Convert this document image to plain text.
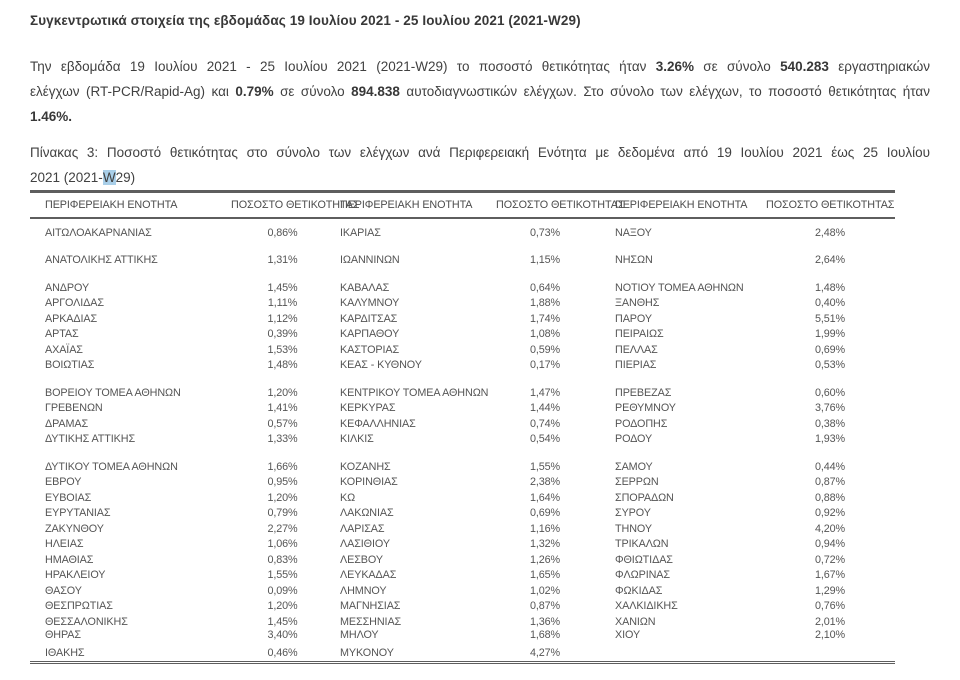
Συγκεντρωτικά στοιχεία της εβδομάδας 19 Ιουλίου 2021 - 25 Ιουλίου 2021 (2021-W29)
Την εβδομάδα 19 Ιουλίου 2021 - 25 Ιουλίου 2021 (2021-W29) το ποσοστό θετικότητας ήταν 3.26% σε σύνολο 540.283 εργαστηριακών
ελέγχων (RT-PCR/Rapid-Ag) και 0.79% σε σύνολο 894.838 αυτοδιαγνωστικών ελέγχων. Στο σύνολο των ελέγχων, το ποσοστό θετικότητας ήταν
1.46%.
Πίνακας 3: Ποσοστό θετικότητας στο σύνολο των ελέγχων ανά Περιφερειακή Ενότητα με δεδομένα από 19 Ιουλίου 2021 έως 25 Ιουλίου
2021 (2021-W29)
ΠΕΡΙΦΕΡΕΙΑΚΗ ΕΝΟΤΗΤΑ	ΠΟΣΟΣΤΟ ΘΕΤΙΚΟΤΗΤΑΣ	ΠΕΡΙΦΕΡΕΙΑΚΗ ΕΝΟΤΗΤΑ	ΠΟΣΟΣΤΟ ΘΕΤΙΚΟΤΗΤΑΣ	ΠΕΡΙΦΕΡΕΙΑΚΗ ΕΝΟΤΗΤΑ	ΠΟΣΟΣΤΟ ΘΕΤΙΚΟΤΗΤΑΣ

ΑΙΤΩΛΟΑΚΑΡΝΑΝΙΑΣ	0,86%	ΙΚΑΡΙΑΣ	0,73%	ΝΑΞΟΥ	2,48%

ΑΝΑΤΟΛΙΚΗΣ ΑΤΤΙΚΗΣ	1,31%	ΙΩΑΝΝΙΝΩΝ	1,15%	ΝΗΣΩΝ	2,64%

ΑΝΔΡΟΥ	1,45%	ΚΑΒΑΛΑΣ	0,64%	ΝΟΤΙΟΥ ΤΟΜΕΑ ΑΘΗΝΩΝ	1,48%
ΑΡΓΟΛΙΔΑΣ	1,11%	ΚΑΛΥΜΝΟΥ	1,88%	ΞΑΝΘΗΣ	0,40%
ΑΡΚΑΔΙΑΣ	1,12%	ΚΑΡΔΙΤΣΑΣ	1,74%	ΠΑΡΟΥ	5,51%
ΑΡΤΑΣ	0,39%	ΚΑΡΠΑΘΟΥ	1,08%	ΠΕΙΡΑΙΩΣ	1,99%
ΑΧΑΪΑΣ	1,53%	ΚΑΣΤΟΡΙΑΣ	0,59%	ΠΕΛΛΑΣ	0,69%
ΒΟΙΩΤΙΑΣ	1,48%	ΚΕΑΣ - ΚΥΘΝΟΥ	0,17%	ΠΙΕΡΙΑΣ	0,53%

ΒΟΡΕΙΟΥ ΤΟΜΕΑ ΑΘΗΝΩΝ	1,20%	ΚΕΝΤΡΙΚΟΥ ΤΟΜΕΑ ΑΘΗΝΩΝ	1,47%	ΠΡΕΒΕΖΑΣ	0,60%
ΓΡΕΒΕΝΩΝ	1,41%	ΚΕΡΚΥΡΑΣ	1,44%	ΡΕΘΥΜΝΟΥ	3,76%
ΔΡΑΜΑΣ	0,57%	ΚΕΦΑΛΛΗΝΙΑΣ	0,74%	ΡΟΔΟΠΗΣ	0,38%
ΔΥΤΙΚΗΣ ΑΤΤΙΚΗΣ	1,33%	ΚΙΛΚΙΣ	0,54%	ΡΟΔΟΥ	1,93%

ΔΥΤΙΚΟΥ ΤΟΜΕΑ ΑΘΗΝΩΝ	1,66%	ΚΟΖΑΝΗΣ	1,55%	ΣΑΜΟΥ	0,44%
ΕΒΡΟΥ	0,95%	ΚΟΡΙΝΘΙΑΣ	2,38%	ΣΕΡΡΩΝ	0,87%
ΕΥΒΟΙΑΣ	1,20%	ΚΩ	1,64%	ΣΠΟΡΑΔΩΝ	0,88%
ΕΥΡΥΤΑΝΙΑΣ	0,79%	ΛΑΚΩΝΙΑΣ	0,69%	ΣΥΡΟΥ	0,92%
ΖΑΚΥΝΘΟΥ	2,27%	ΛΑΡΙΣΑΣ	1,16%	ΤΗΝΟΥ	4,20%
ΗΛΕΙΑΣ	1,06%	ΛΑΣΙΘΙΟΥ	1,32%	ΤΡΙΚΑΛΩΝ	0,94%
ΗΜΑΘΙΑΣ	0,83%	ΛΕΣΒΟΥ	1,26%	ΦΘΙΩΤΙΔΑΣ	0,72%
ΗΡΑΚΛΕΙΟΥ	1,55%	ΛΕΥΚΑΔΑΣ	1,65%	ΦΛΩΡΙΝΑΣ	1,67%
ΘΑΣΟΥ	0,09%	ΛΗΜΝΟΥ	1,02%	ΦΩΚΙΔΑΣ	1,29%
ΘΕΣΠΡΩΤΙΑΣ	1,20%	ΜΑΓΝΗΣΙΑΣ	0,87%	ΧΑΛΚΙΔΙΚΗΣ	0,76%
ΘΕΣΣΑΛΟΝΙΚΗΣ	1,45%	ΜΕΣΣΗΝΙΑΣ	1,36%	ΧΑΝΙΩΝ	2,01%
ΘΗΡΑΣ	3,40%	ΜΗΛΟΥ	1,68%	ΧΙΟΥ	2,10%
ΙΘΑΚΗΣ	0,46%	ΜΥΚΟΝΟΥ	4,27%		
